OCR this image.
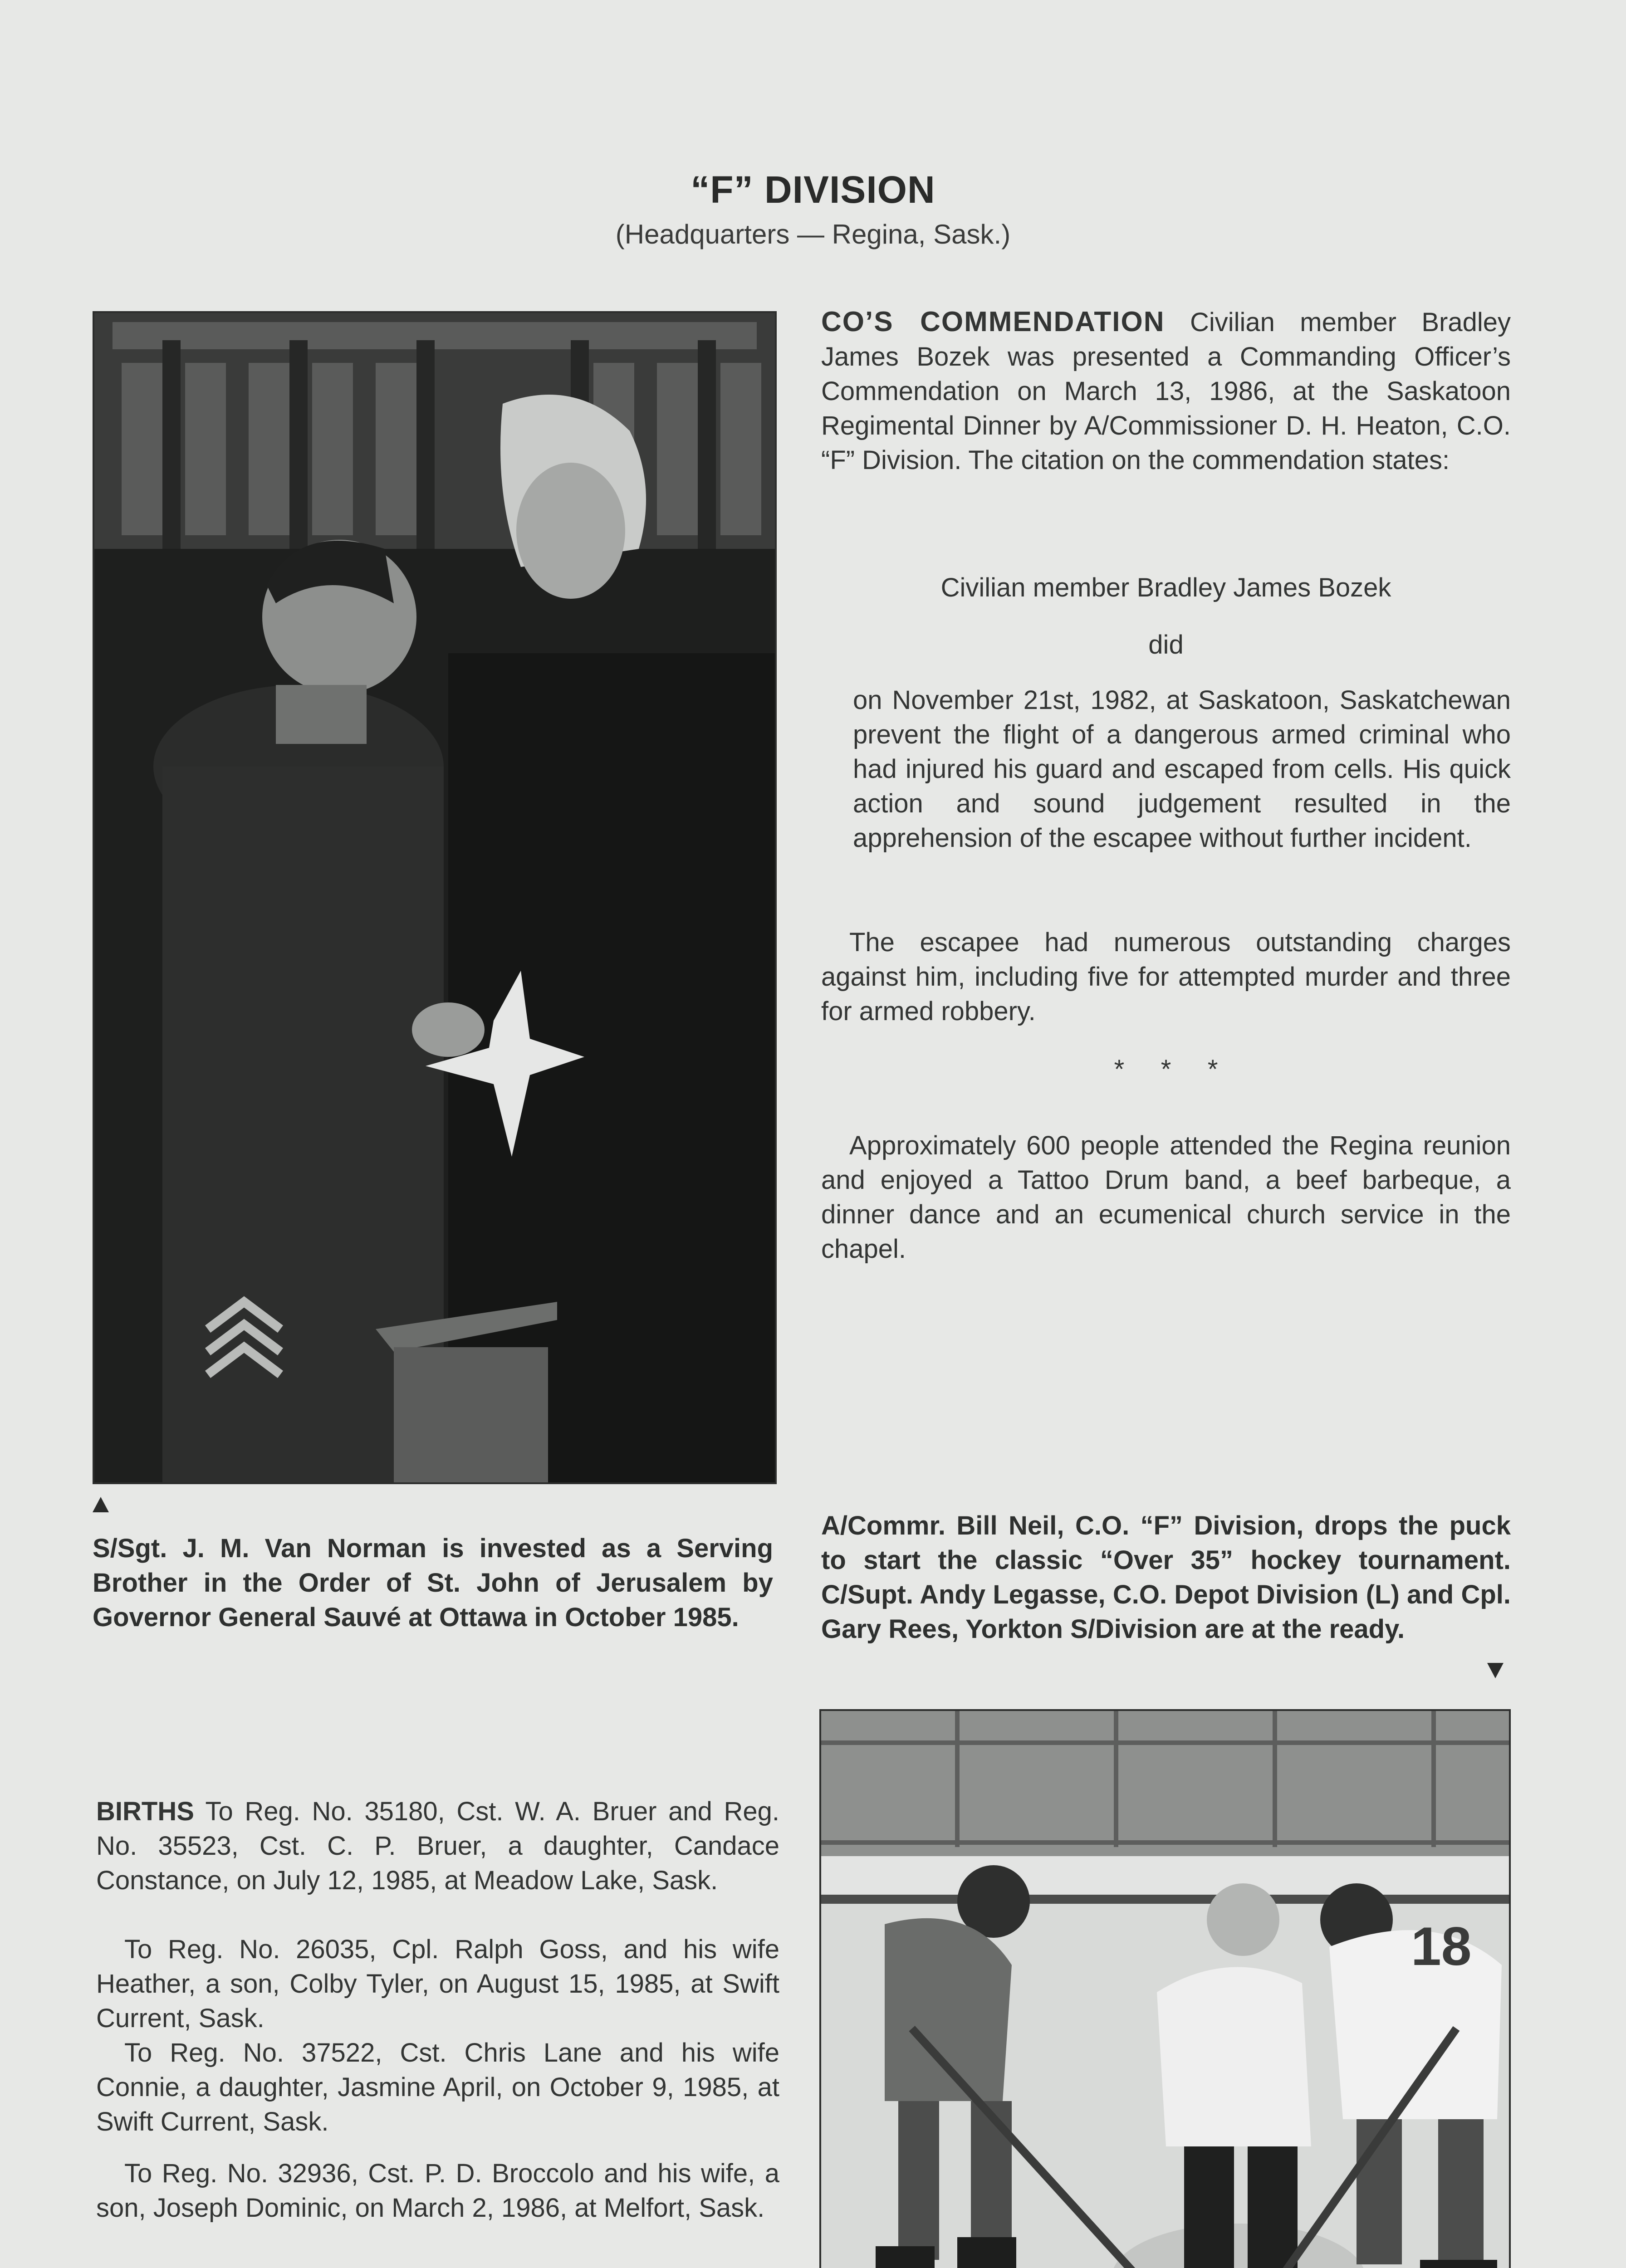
“F” DIVISION
(Headquarters — Regina, Sask.)
S/Sgt. J. M. Van Norman is invested as a Serving Brother in the Order of St. John of Jerusalem by Governor General Sauvé at Ottawa in October 1985.
CO’S COMMENDATION Civilian member Bradley James Bozek was presented a Commanding Officer’s Commendation on March 13, 1986, at the Saskatoon Regimental Dinner by A/Commissioner D. H. Heaton, C.O. “F” Division. The citation on the commendation states:
Civilian member Bradley James Bozek
did
on November 21st, 1982, at Saskatoon, Saskatchewan prevent the flight of a dangerous armed criminal who had injured his guard and escaped from cells. His quick action and sound judgement resulted in the apprehension of the escapee without further incident.
The escapee had numerous outstanding charges against him, including five for attempted murder and three for armed robbery.
*     *     *
Approximately 600 people attended the Regina reunion and enjoyed a Tattoo Drum band, a beef barbeque, a dinner dance and an ecumenical church service in the chapel.
A/Commr. Bill Neil, C.O. “F” Division, drops the puck to start the classic “Over 35” hockey tournament. C/Supt. Andy Legasse, C.O. Depot Division (L) and Cpl. Gary Rees, Yorkton S/Division are at the ready.
18
BIRTHS To Reg. No. 35180, Cst. W. A. Bruer and Reg. No. 35523, Cst. C. P. Bruer, a daughter, Candace Constance, on July 12, 1985, at Meadow Lake, Sask.
To Reg. No. 26035, Cpl. Ralph Goss, and his wife Heather, a son, Colby Tyler, on August 15, 1985, at Swift Current, Sask.
To Reg. No. 37522, Cst. Chris Lane and his wife Connie, a daughter, Jasmine April, on October 9, 1985, at Swift Current, Sask.
To Reg. No. 32936, Cst. P. D. Broccolo and his wife, a son, Joseph Dominic, on March 2, 1986, at Melfort, Sask.
